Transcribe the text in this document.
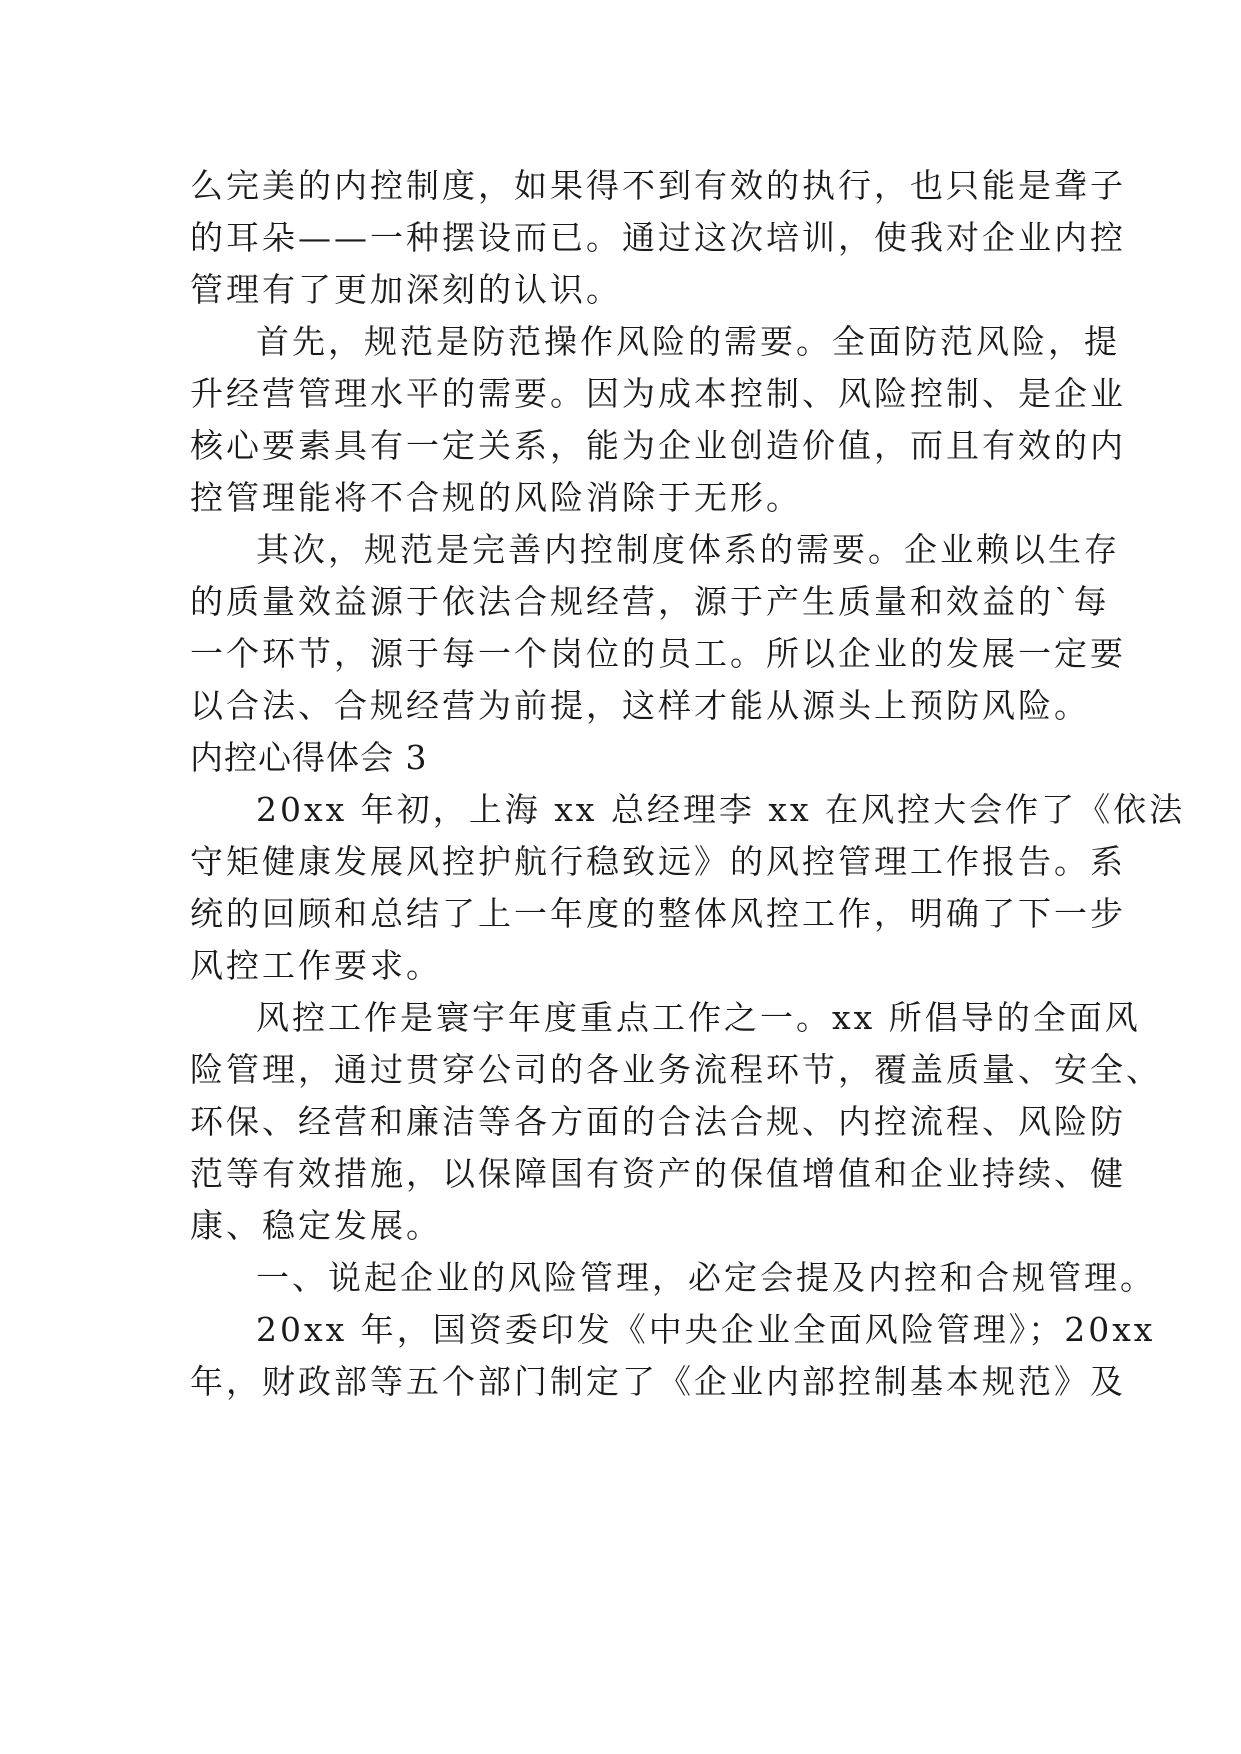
么完美的内控制度，如果得不到有效的执行，也只能是聋子
的耳朵——一种摆设而已。通过这次培训，使我对企业内控
管理有了更加深刻的认识。
首先，规范是防范操作风险的需要。全面防范风险，提
升经营管理水平的需要。因为成本控制、风险控制、是企业
核心要素具有一定关系，能为企业创造价值，而且有效的内
控管理能将不合规的风险消除于无形。
其次，规范是完善内控制度体系的需要。企业赖以生存
的质量效益源于依法合规经营，源于产生质量和效益的`每
一个环节，源于每一个岗位的员工。所以企业的发展一定要
以合法、合规经营为前提，这样才能从源头上预防风险。
内控心得体会 3
20xx 年初，上海 xx 总经理李 xx 在风控大会作了《依法
守矩健康发展风控护航行稳致远》的风控管理工作报告。系
统的回顾和总结了上一年度的整体风控工作，明确了下一步
风控工作要求。
风控工作是寰宇年度重点工作之一。xx 所倡导的全面风
险管理，通过贯穿公司的各业务流程环节，覆盖质量、安全、
环保、经营和廉洁等各方面的合法合规、内控流程、风险防
范等有效措施，以保障国有资产的保值增值和企业持续、健
康、稳定发展。
一、说起企业的风险管理，必定会提及内控和合规管理。
20xx 年，国资委印发《中央企业全面风险管理》；20xx
年，财政部等五个部门制定了《企业内部控制基本规范》及
